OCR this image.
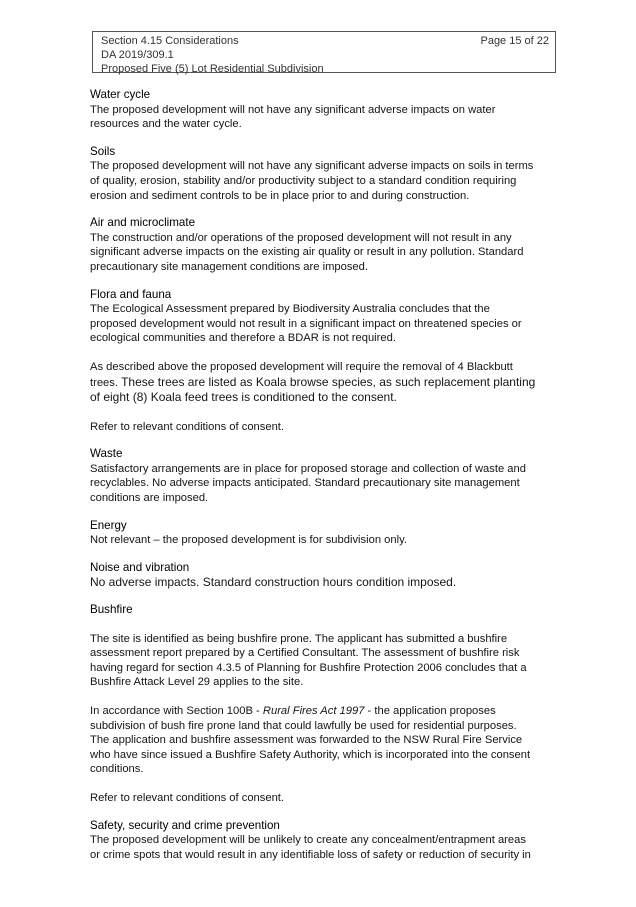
Section 4.15 Considerations	Page 15 of 22
DA 2019/309.1
Proposed Five (5) Lot Residential Subdivision

Water cycle

The proposed development will not have any significant adverse impacts on water
resources and the water cycle.

Soils

The proposed development will not have any significant adverse impacts on soils in terms
of quality, erosion, stability and/or productivity subject to a standard condition requiring
erosion and sediment controls to be in place prior to and during construction.

Air and microclimate

The construction and/or operations of the proposed development will not result in any
significant adverse impacts on the existing air quality or result in any pollution. Standard
precautionary site management conditions are imposed.

Flora and fauna

The Ecological Assessment prepared by Biodiversity Australia concludes that the
proposed development would not result in a significant impact on threatened species or
ecological communities and therefore a BDAR is not required.

As described above the proposed development will require the removal of 4 Blackbutt
trees. These trees are listed as Koala browse species, as such replacement planting
of eight (8) Koala feed trees is conditioned to the consent.

Refer to relevant conditions of consent.

Waste

Satisfactory arrangements are in place for proposed storage and collection of waste and
recyclables. No adverse impacts anticipated. Standard precautionary site management
conditions are imposed.

Energy

Not relevant – the proposed development is for subdivision only.

Noise and vibration

No adverse impacts. Standard construction hours condition imposed.

Bushfire

The site is identified as being bushfire prone. The applicant has submitted a bushfire
assessment report prepared by a Certified Consultant. The assessment of bushfire risk
having regard for section 4.3.5 of Planning for Bushfire Protection 2006 concludes that a
Bushfire Attack Level 29 applies to the site.

In accordance with Section 100B - Rural Fires Act 1997 - the application proposes
subdivision of bush fire prone land that could lawfully be used for residential purposes.
The application and bushfire assessment was forwarded to the NSW Rural Fire Service
who have since issued a Bushfire Safety Authority, which is incorporated into the consent
conditions.

Refer to relevant conditions of consent.

Safety, security and crime prevention

The proposed development will be unlikely to create any concealment/entrapment areas
or crime spots that would result in any identifiable loss of safety or reduction of security in
